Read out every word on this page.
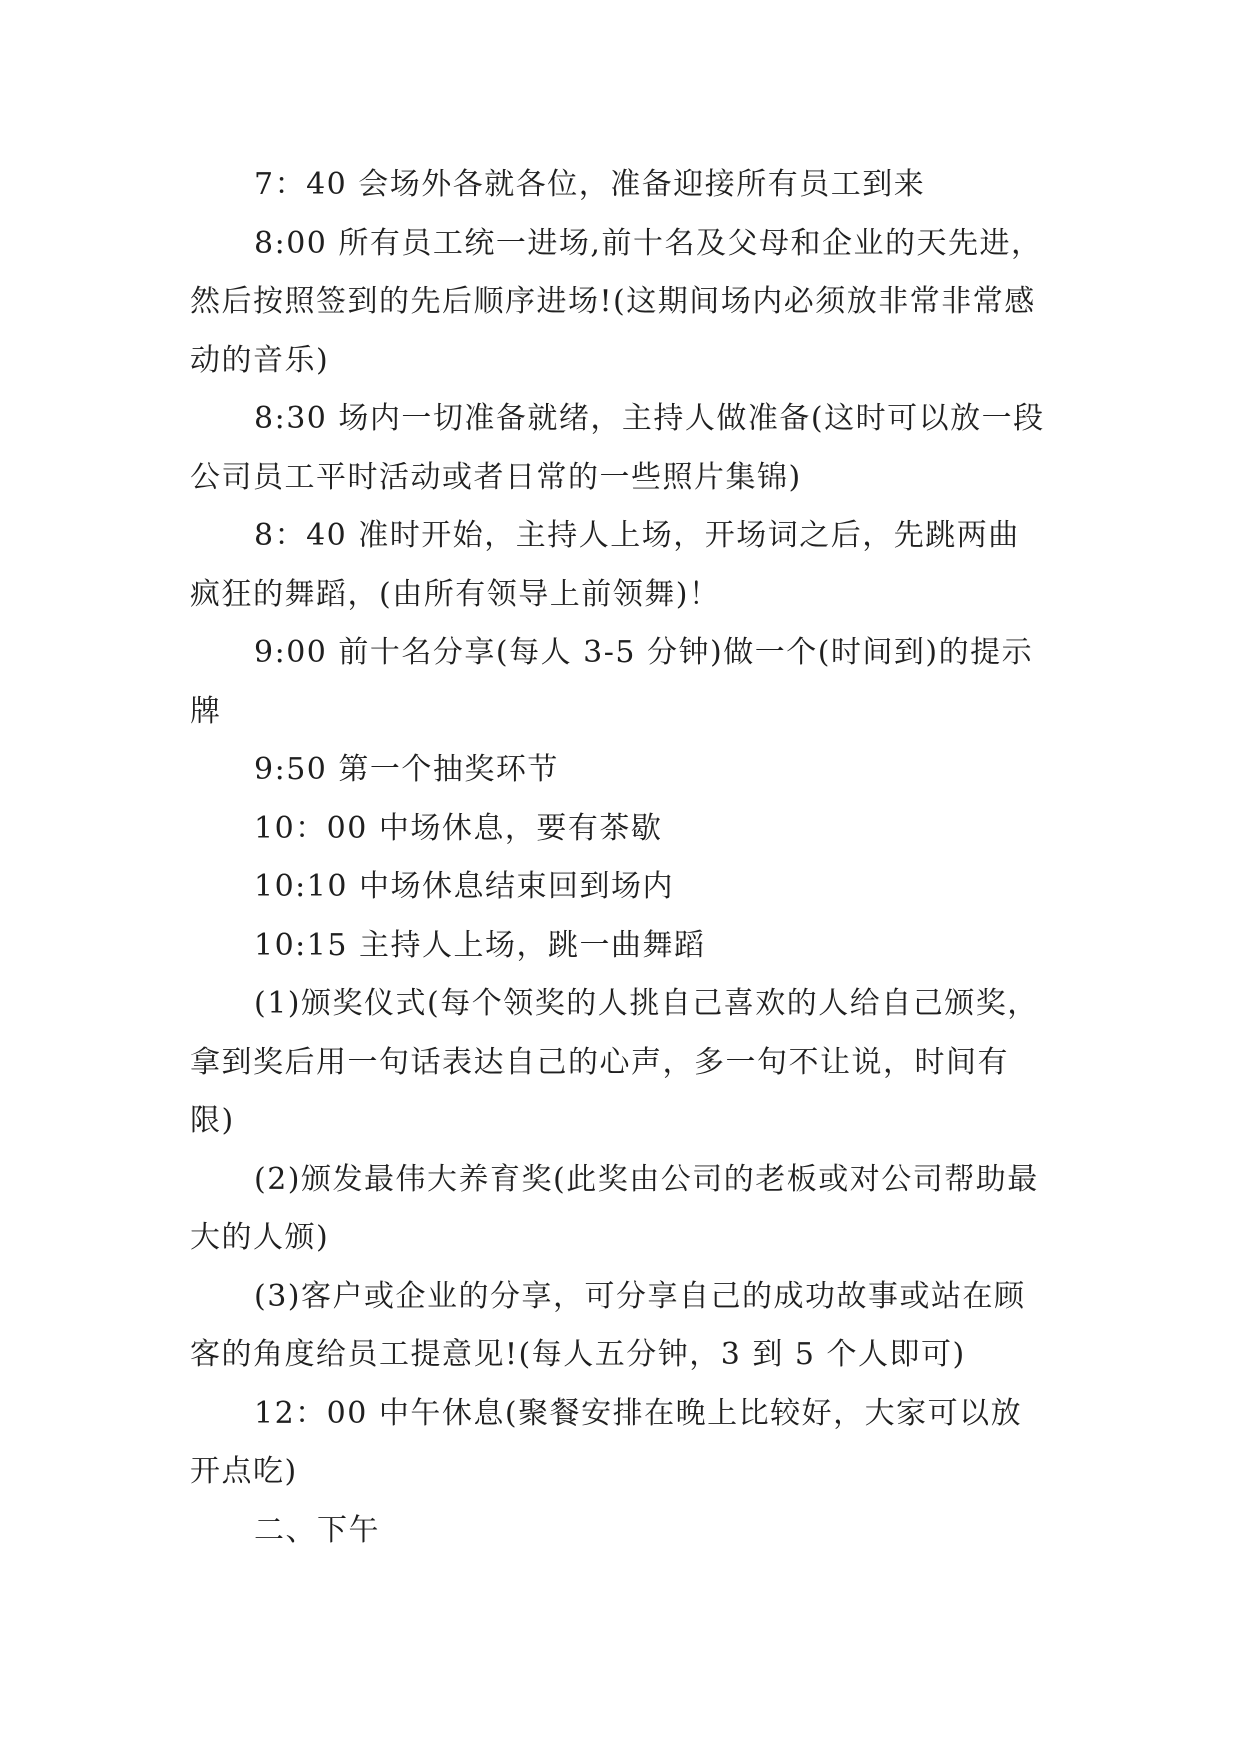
7：40 会场外各就各位，准备迎接所有员工到来

8:00 所有员工统一进场,前十名及父母和企业的天先进，然后按照签到的先后顺序进场!(这期间场内必须放非常非常感动的音乐)

8:30 场内一切准备就绪，主持人做准备(这时可以放一段公司员工平时活动或者日常的一些照片集锦)

8：40 准时开始，主持人上场，开场词之后，先跳两曲疯狂的舞蹈，(由所有领导上前领舞)！

9:00 前十名分享(每人 3-5 分钟)做一个(时间到)的提示牌

9:50 第一个抽奖环节

10：00 中场休息，要有茶歇

10:10 中场休息结束回到场内

10:15 主持人上场，跳一曲舞蹈

(1)颁奖仪式(每个领奖的人挑自己喜欢的人给自己颁奖，拿到奖后用一句话表达自己的心声，多一句不让说，时间有限)

(2)颁发最伟大养育奖(此奖由公司的老板或对公司帮助最大的人颁)

(3)客户或企业的分享，可分享自己的成功故事或站在顾客的角度给员工提意见!(每人五分钟，3 到 5 个人即可)

12：00 中午休息(聚餐安排在晚上比较好，大家可以放开点吃)

二、下午
